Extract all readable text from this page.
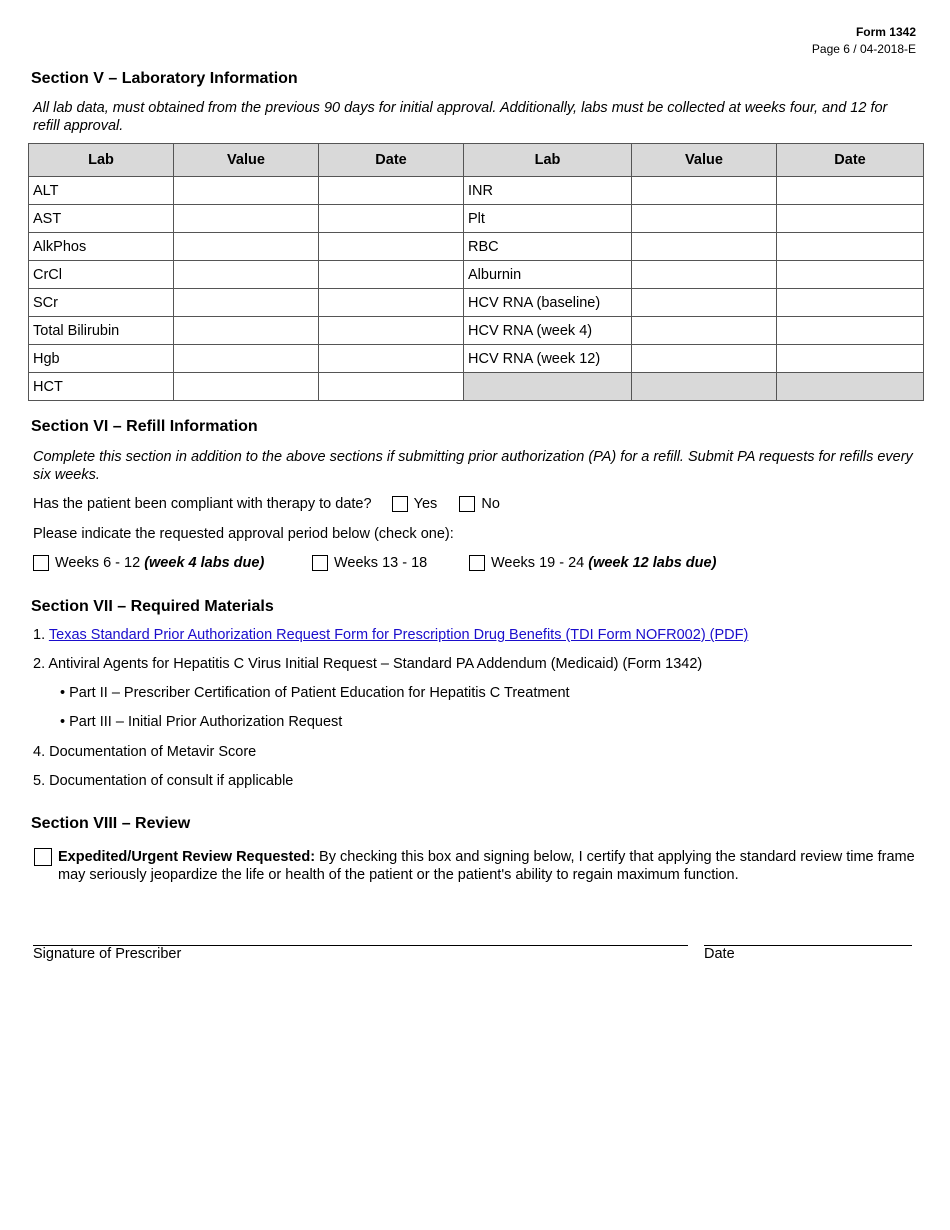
Form 1342
Page 6 / 04-2018-E
Section V – Laboratory Information
All lab data, must obtained from the previous 90 days for initial approval. Additionally, labs must be collected at weeks four, and 12 for refill approval.
Lab	Value	Date	Lab	Value	Date
ALT			INR		
AST			Plt		
AlkPhos			RBC		
CrCl			Alburnin		
SCr			HCV RNA (baseline)		
Total Bilirubin			HCV RNA (week 4)		
Hgb			HCV RNA (week 12)		
HCT					
Section VI – Refill Information
Complete this section in addition to the above sections if submitting prior authorization (PA) for a refill. Submit PA requests for refills every six weeks.
Has the patient been compliant with therapy to date?	Yes	No
Please indicate the requested approval period below (check one):
Weeks 6 - 12 (week 4 labs due)	Weeks 13 - 18	Weeks 19 - 24 (week 12 labs due)
Section VII – Required Materials
1. Texas Standard Prior Authorization Request Form for Prescription Drug Benefits (TDI Form NOFR002) (PDF)
2. Antiviral Agents for Hepatitis C Virus Initial Request – Standard PA Addendum (Medicaid) (Form 1342)
• Part II – Prescriber Certification of Patient Education for Hepatitis C Treatment
• Part III – Initial Prior Authorization Request
4. Documentation of Metavir Score
5. Documentation of consult if applicable
Section VIII – Review
Expedited/Urgent Review Requested: By checking this box and signing below, I certify that applying the standard review time frame may seriously jeopardize the life or health of the patient or the patient's ability to regain maximum function.
Signature of Prescriber	Date
